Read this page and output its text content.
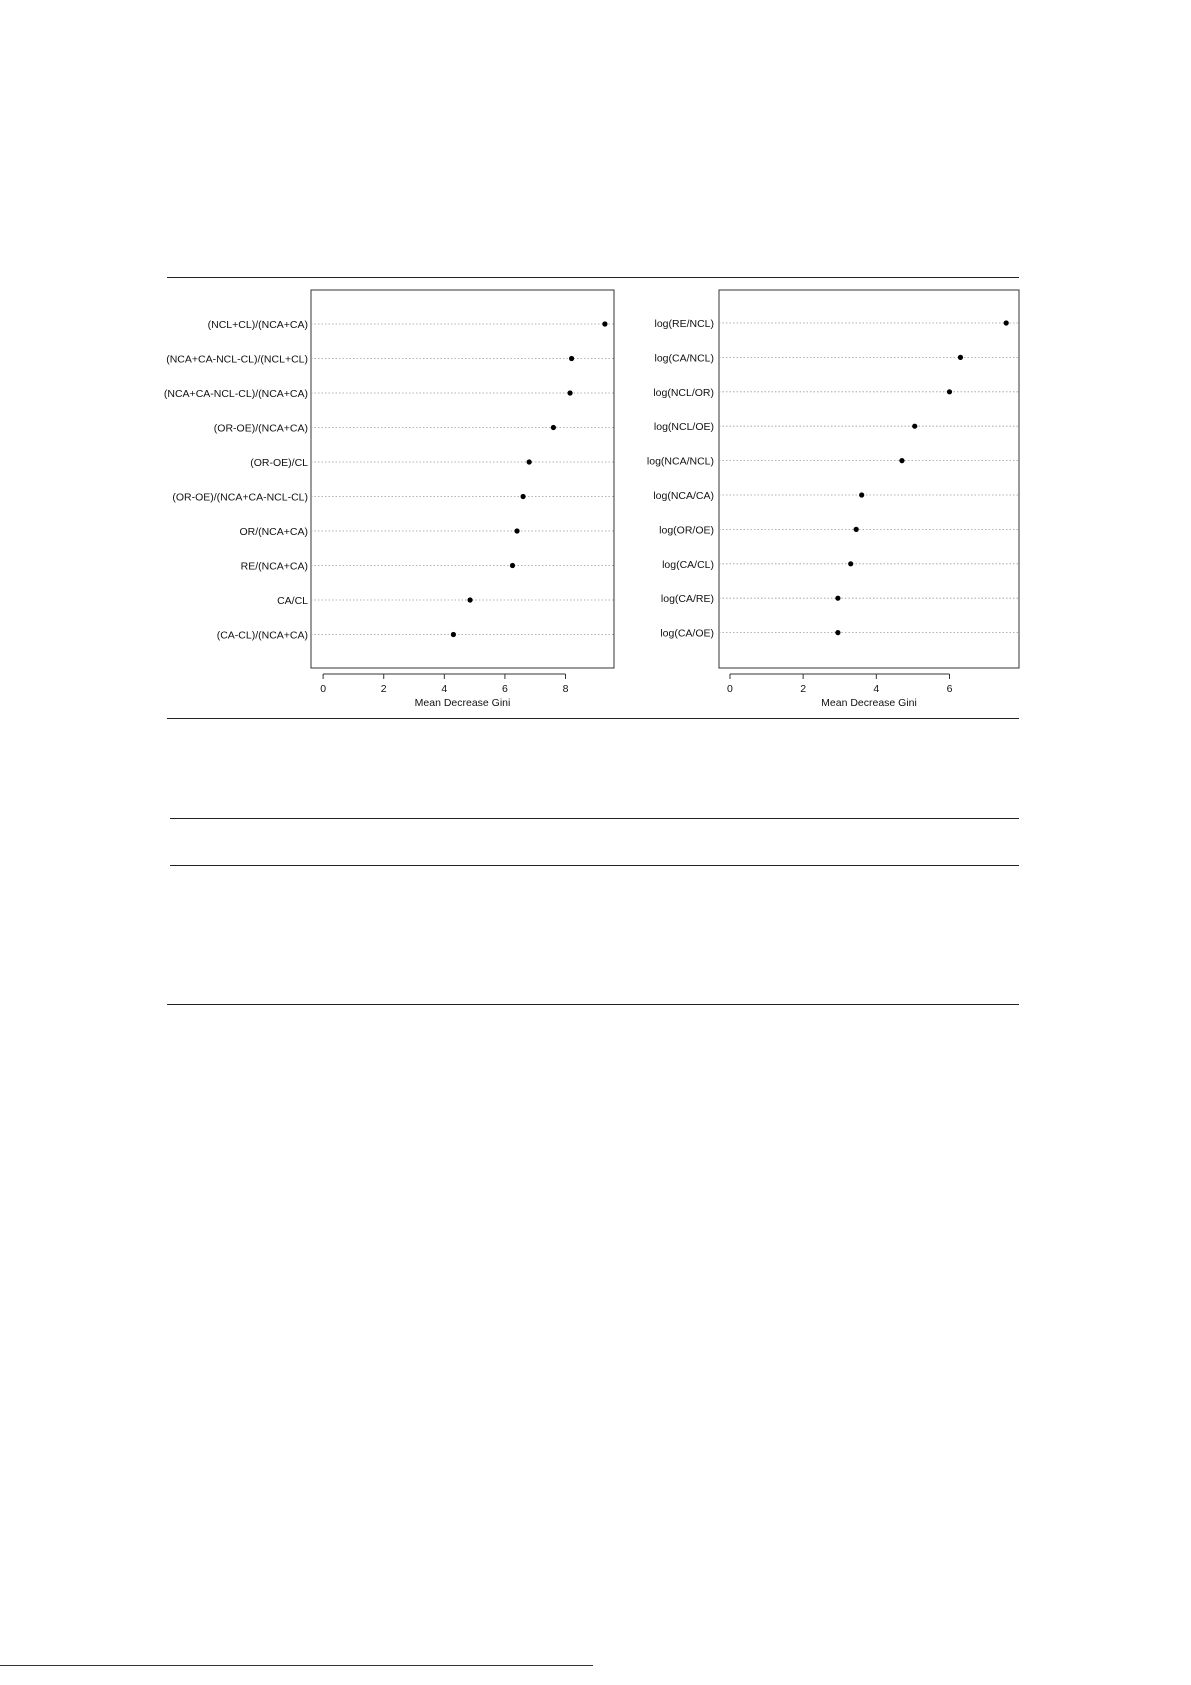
(NCL+CL)/(NCA+CA)
(NCA+CA-NCL-CL)/(NCL+CL)
(NCA+CA-NCL-CL)/(NCA+CA)
(OR-OE)/(NCA+CA)
(OR-OE)/CL
(OR-OE)/(NCA+CA-NCL-CL)
OR/(NCA+CA)
RE/(NCA+CA)
CA/CL
(CA-CL)/(NCA+CA)
0	2	4	6	8
Mean Decrease Gini
log(RE/NCL)
log(CA/NCL)
log(NCL/OR)
log(NCL/OE)
log(NCA/NCL)
log(NCA/CA)
log(OR/OE)
log(CA/CL)
log(CA/RE)
log(CA/OE)
0	2	4	6
Mean Decrease Gini
